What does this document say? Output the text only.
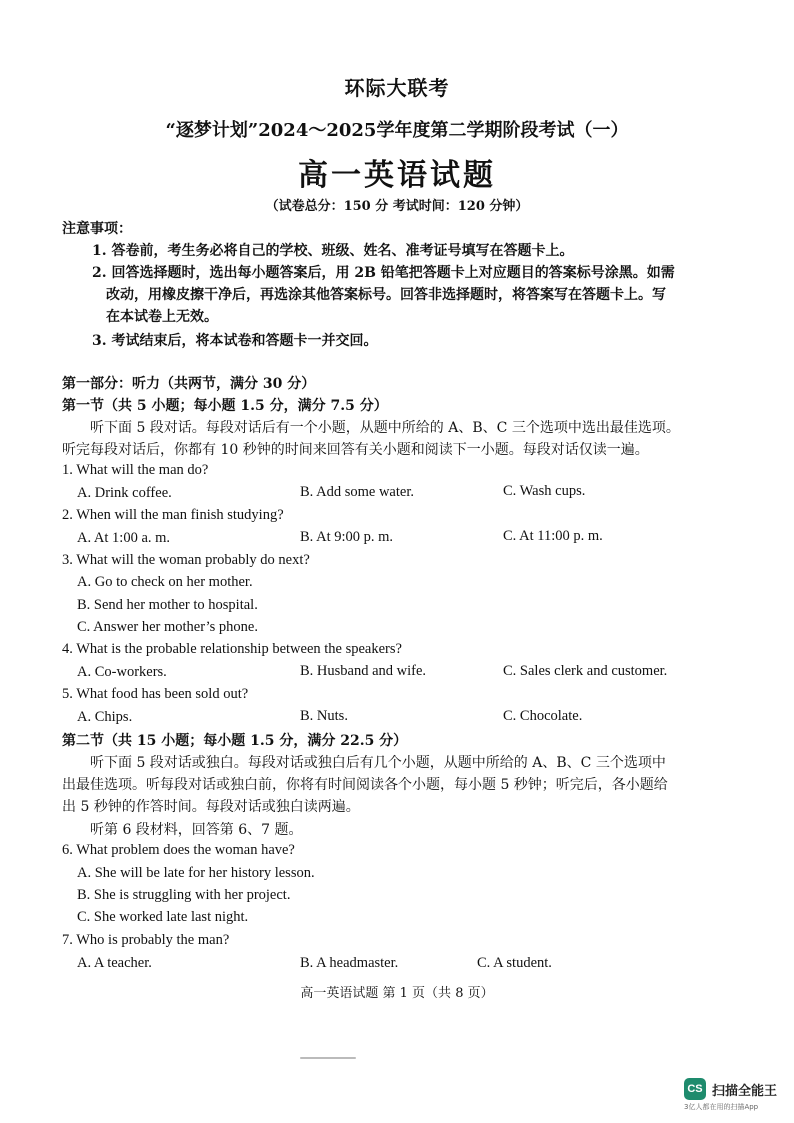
环际大联考
“逐梦计划”2024～2025学年度第二学期阶段考试（一）
高一英语试题
（试卷总分：150 分 考试时间：120 分钟）
注意事项：
1. 答卷前，考生务必将自己的学校、班级、姓名、准考证号填写在答题卡上。
2. 回答选择题时，选出每小题答案后，用 2B 铅笔把答题卡上对应题目的答案标号涂黑。如需
改动，用橡皮擦干净后，再选涂其他答案标号。回答非选择题时，将答案写在答题卡上。写
在本试卷上无效。
3. 考试结束后，将本试卷和答题卡一并交回。
第一部分：听力（共两节，满分 30 分）
第一节（共 5 小题；每小题 1.5 分，满分 7.5 分）
听下面 5 段对话。每段对话后有一个小题，从题中所给的 A、B、C 三个选项中选出最佳选项。
听完每段对话后，你都有 10 秒钟的时间来回答有关小题和阅读下一小题。每段对话仅读一遍。
1. What will the man do?
A. Drink coffee.	B. Add some water.	C. Wash cups.
2. When will the man finish studying?
A. At 1:00 a. m.	B. At 9:00 p. m.	C. At 11:00 p. m.
3. What will the woman probably do next?
A. Go to check on her mother.
B. Send her mother to hospital.
C. Answer her mother’s phone.
4. What is the probable relationship between the speakers?
A. Co-workers.	B. Husband and wife.	C. Sales clerk and customer.
5. What food has been sold out?
A. Chips.	B. Nuts.	C. Chocolate.
第二节（共 15 小题；每小题 1.5 分，满分 22.5 分）
听下面 5 段对话或独白。每段对话或独白后有几个小题，从题中所给的 A、B、C 三个选项中
出最佳选项。听每段对话或独白前，你将有时间阅读各个小题，每小题 5 秒钟；听完后，各小题给
出 5 秒钟的作答时间。每段对话或独白读两遍。
听第 6 段材料，回答第 6、7 题。
6. What problem does the woman have?
A. She will be late for her history lesson.
B. She is struggling with her project.
C. She worked late last night.
7. Who is probably the man?
A. A teacher.	B. A headmaster.	C. A student.
高一英语试题 第 1 页（共 8 页）
CS 扫描全能王
3亿人都在用的扫描App
